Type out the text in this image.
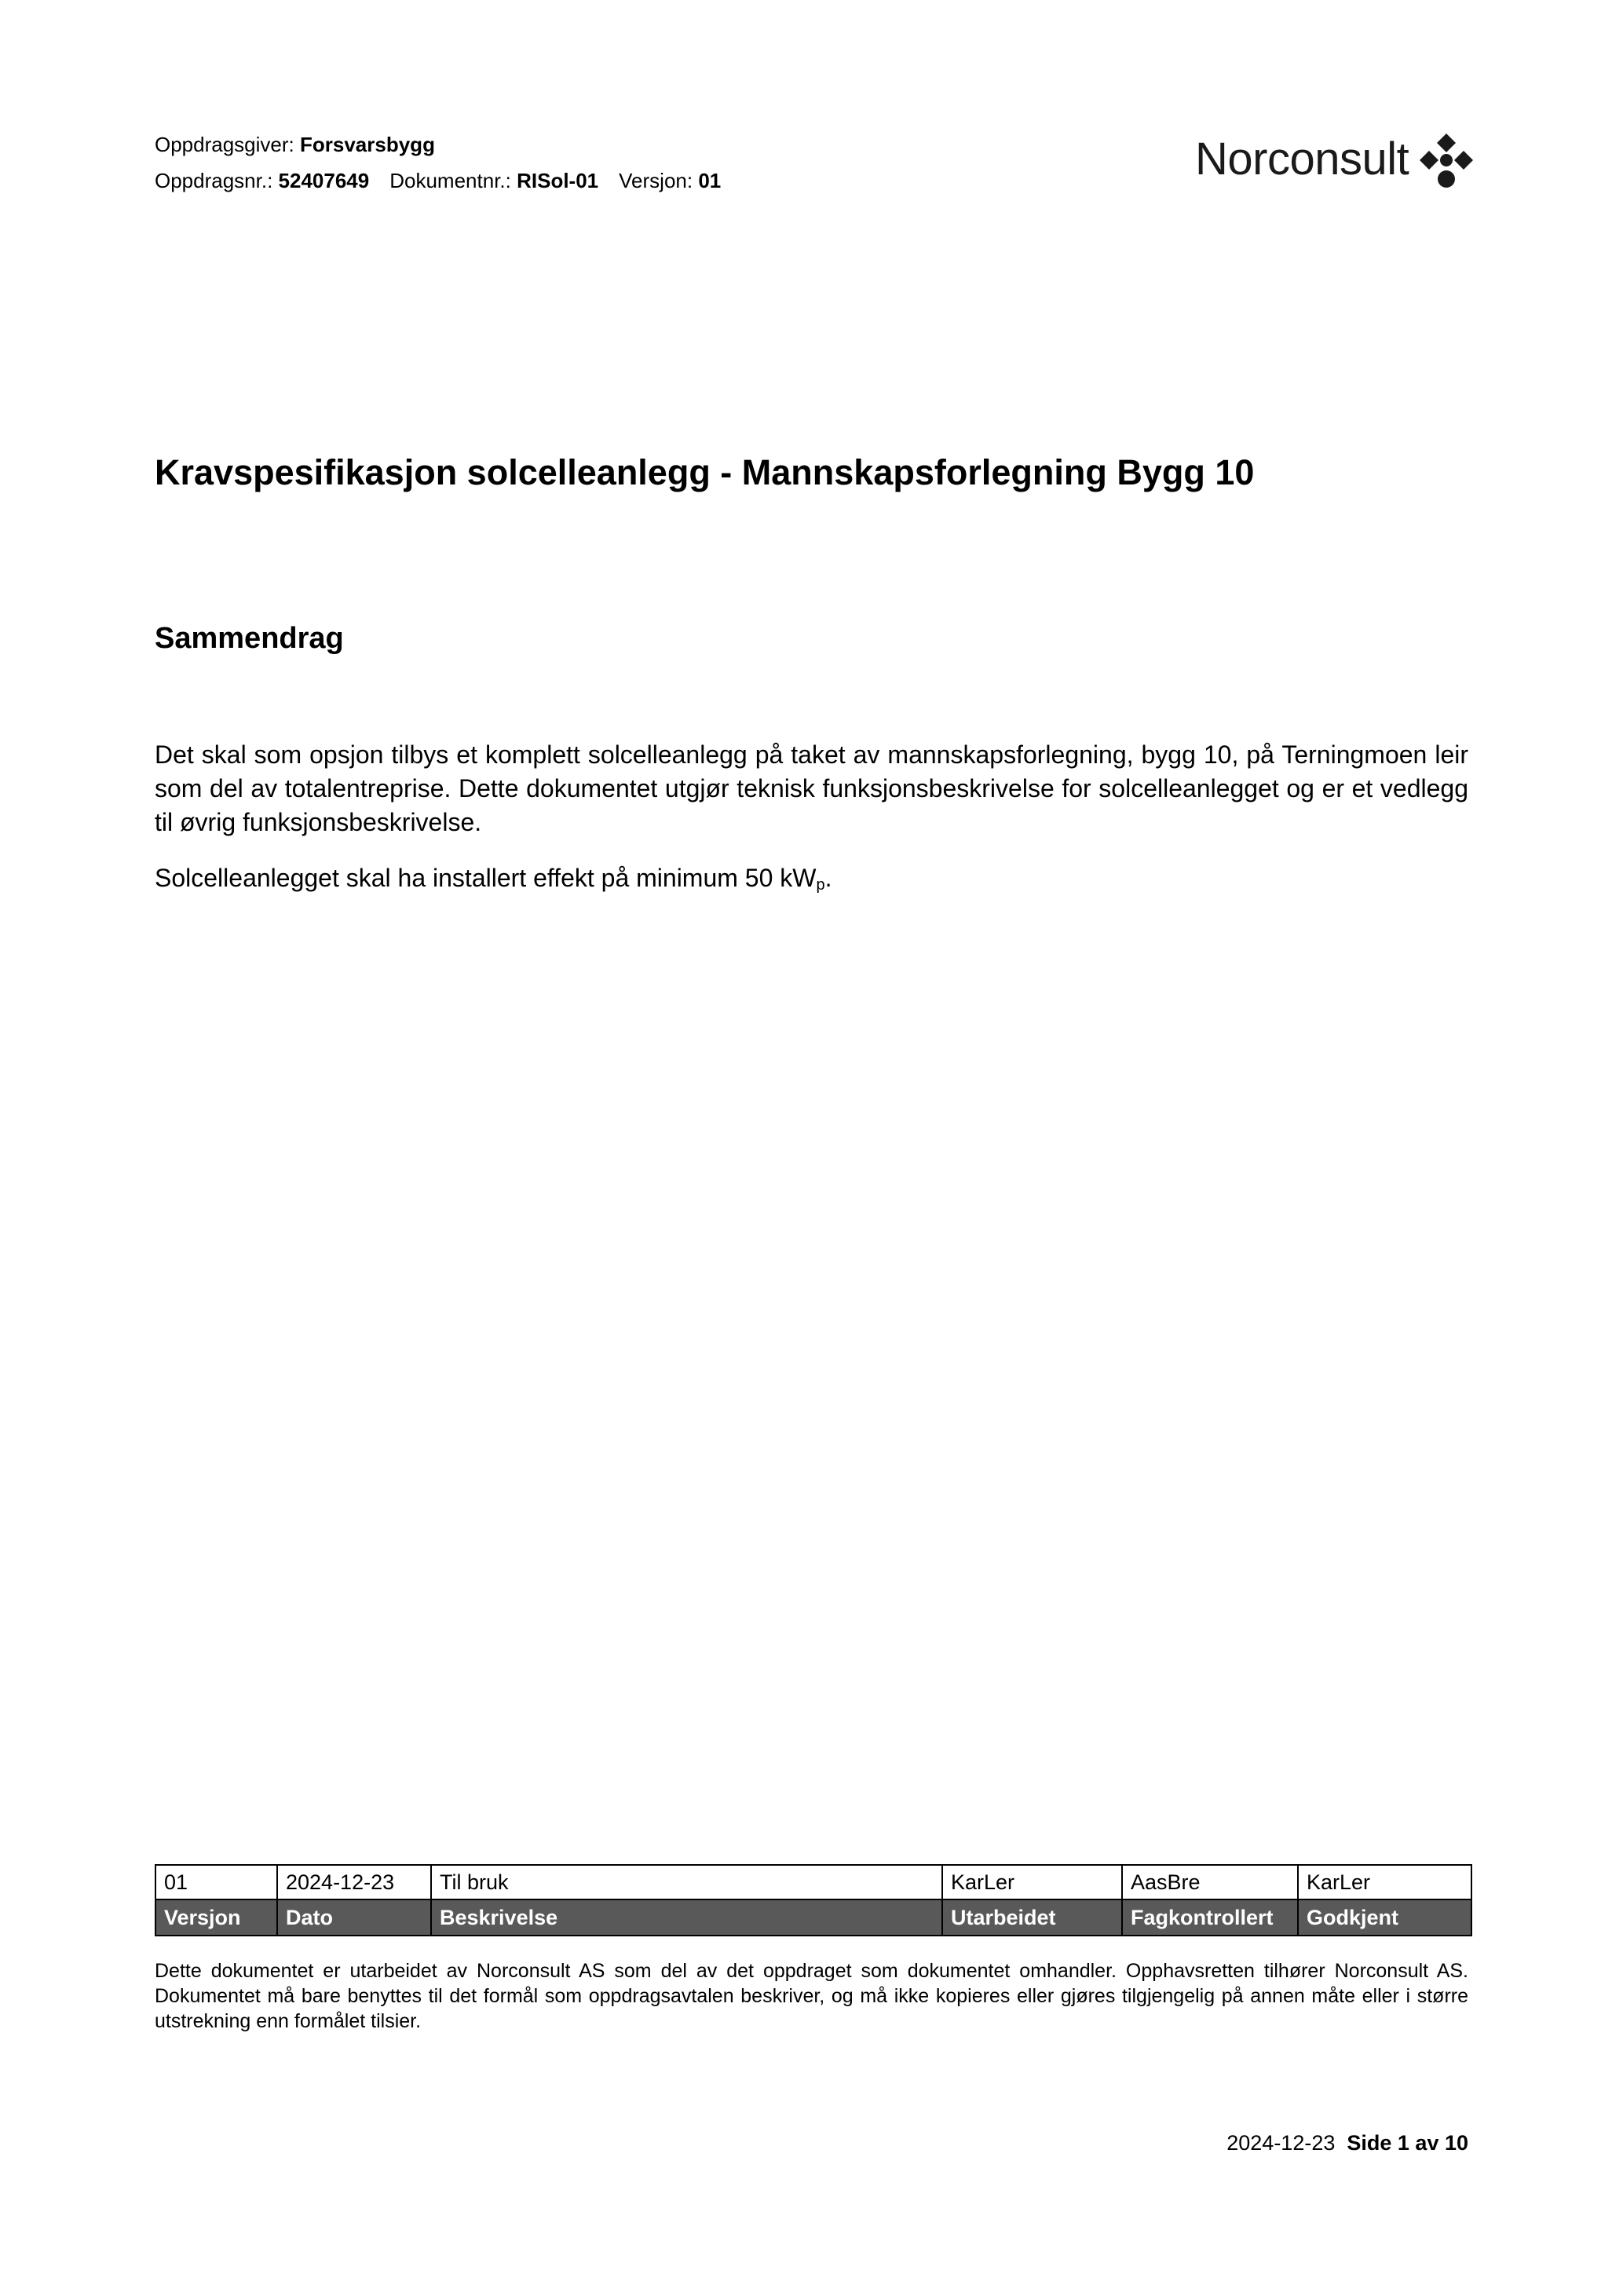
Oppdragsgiver: Forsvarsbygg
Oppdragsnr.: 52407649 Dokumentnr.: RISol-01 Versjon: 01	Norconsult
Kravspesifikasjon solcelleanlegg - Mannskapsforlegning Bygg 10
Sammendrag

Det skal som opsjon tilbys et komplett solcelleanlegg på taket av mannskapsforlegning, bygg 10, på Terningmoen leir som del av totalentreprise. Dette dokumentet utgjør teknisk funksjonsbeskrivelse for solcelleanlegget og er et vedlegg til øvrig funksjonsbeskrivelse.

Solcelleanlegget skal ha installert effekt på minimum 50 $kW_p$.

01	2024-12-23	Til bruk	KarLer	AasBre	KarLer
Versjon	Dato	Beskrivelse	Utarbeidet	Fagkontrollert	Godkjent

Dette dokumentet er utarbeidet av Norconsult AS som del av det oppdraget som dokumentet omhandler. Opphavsretten tilhører Norconsult AS. Dokumentet må bare benyttes til det formål som oppdragsavtalen beskriver, og må ikke kopieres eller gjøres tilgjengelig på annen måte eller i større utstrekning enn formålet tilsier.

2024-12-23 Side 1 av 10
